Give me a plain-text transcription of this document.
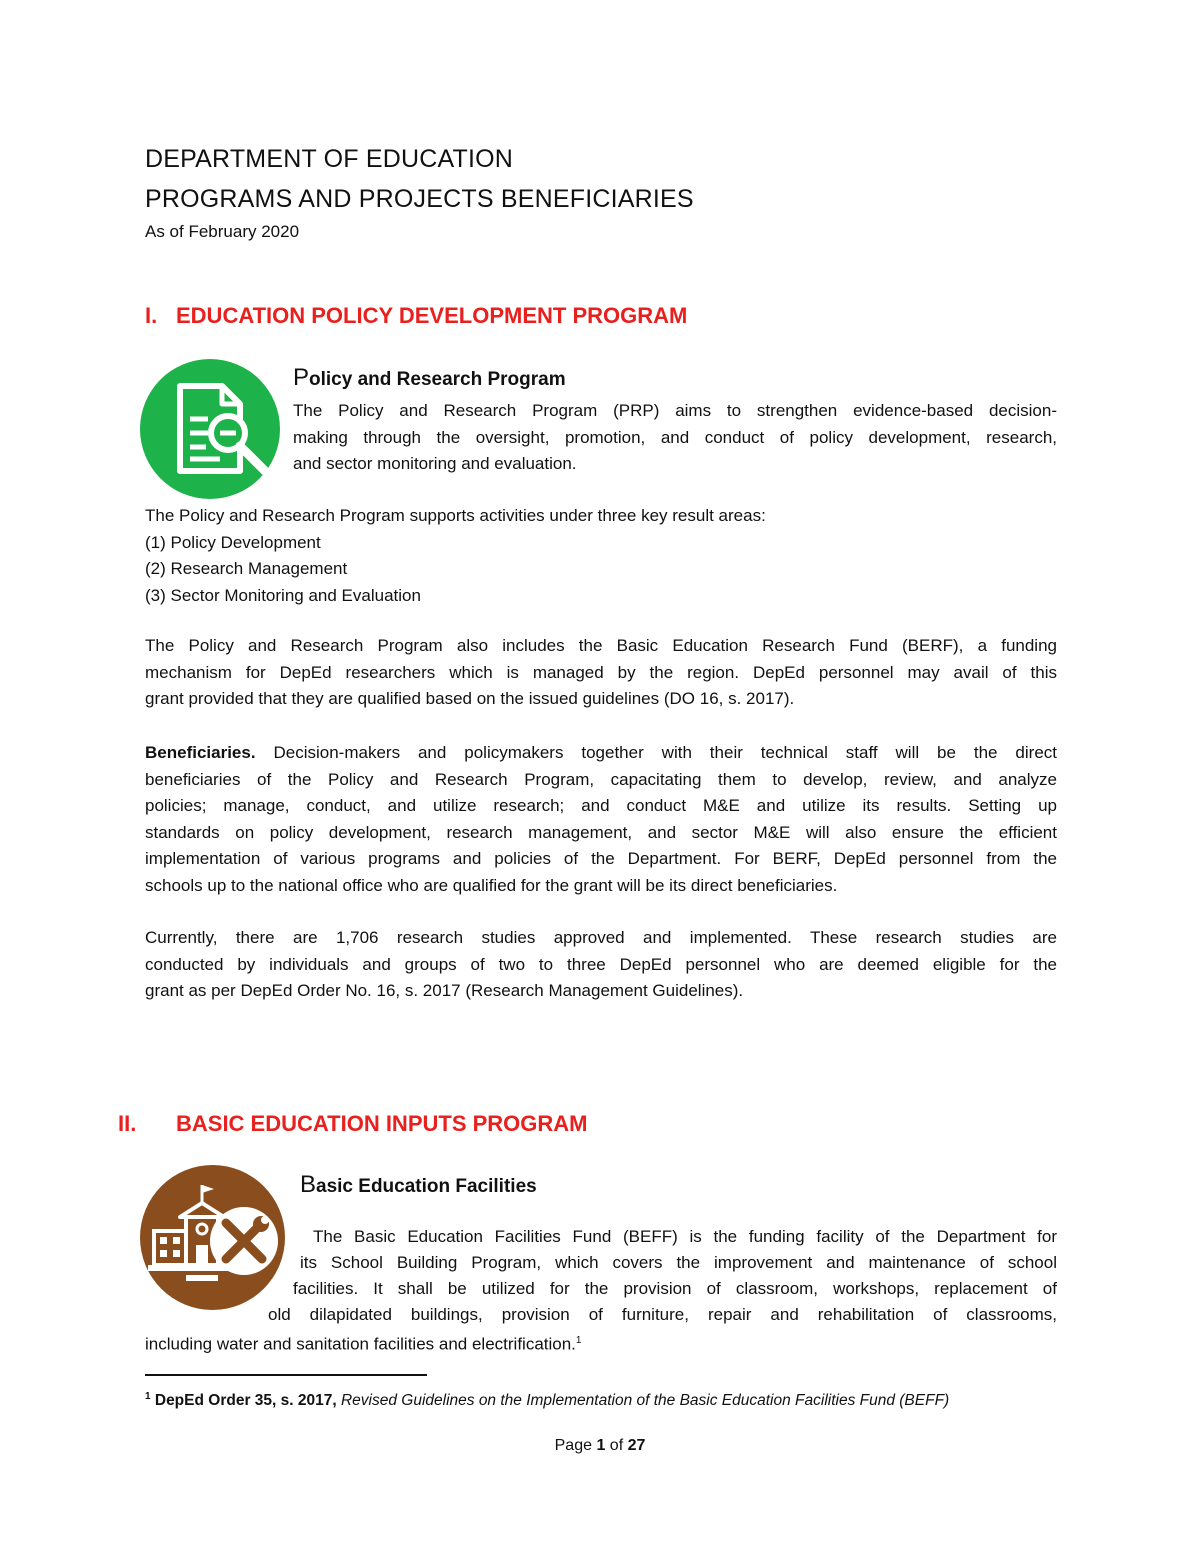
DEPARTMENT OF EDUCATION
PROGRAMS AND PROJECTS BENEFICIARIES
As of February 2020
I. EDUCATION POLICY DEVELOPMENT PROGRAM
Policy and Research Program
The Policy and Research Program (PRP) aims to strengthen evidence-based decision-
making through the oversight, promotion, and conduct of policy development, research,
and sector monitoring and evaluation.
The Policy and Research Program supports activities under three key result areas:
(1) Policy Development
(2) Research Management
(3) Sector Monitoring and Evaluation
The Policy and Research Program also includes the Basic Education Research Fund (BERF), a funding
mechanism for DepEd researchers which is managed by the region. DepEd personnel may avail of this
grant provided that they are qualified based on the issued guidelines (DO 16, s. 2017).
Beneficiaries. Decision-makers and policymakers together with their technical staff will be the direct
beneficiaries of the Policy and Research Program, capacitating them to develop, review, and analyze
policies; manage, conduct, and utilize research; and conduct M&E and utilize its results. Setting up
standards on policy development, research management, and sector M&E will also ensure the efficient
implementation of various programs and policies of the Department. For BERF, DepEd personnel from the
schools up to the national office who are qualified for the grant will be its direct beneficiaries.
Currently, there are 1,706 research studies approved and implemented. These research studies are
conducted by individuals and groups of two to three DepEd personnel who are deemed eligible for the
grant as per DepEd Order No. 16, s. 2017 (Research Management Guidelines).
II. BASIC EDUCATION INPUTS PROGRAM
Basic Education Facilities
The Basic Education Facilities Fund (BEFF) is the funding facility of the Department for
its School Building Program, which covers the improvement and maintenance of school
facilities. It shall be utilized for the provision of classroom, workshops, replacement of
old dilapidated buildings, provision of furniture, repair and rehabilitation of classrooms,
including water and sanitation facilities and electrification.$^1$
$^1$ DepEd Order 35, s. 2017, Revised Guidelines on the Implementation of the Basic Education Facilities Fund (BEFF)
Page 1 of 27
